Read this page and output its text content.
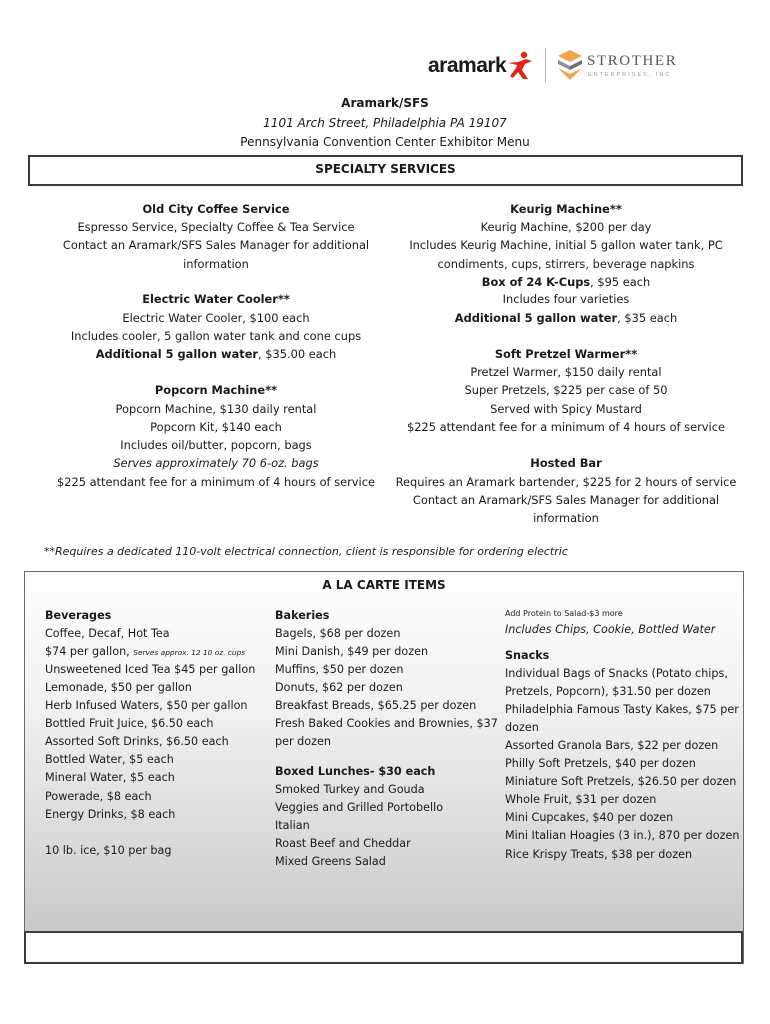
aramark	STROTHER
ENTERPRISES, INC
Aramark/SFS
1101 Arch Street, Philadelphia PA 19107
Pennsylvania Convention Center Exhibitor Menu
SPECIALTY SERVICES
Old City Coffee Service
Espresso Service, Specialty Coffee & Tea Service
Contact an Aramark/SFS Sales Manager for additional
information
Electric Water Cooler**
Electric Water Cooler, $100 each
Includes cooler, 5 gallon water tank and cone cups
Additional 5 gallon water, $35.00 each
Popcorn Machine**
Popcorn Machine, $130 daily rental
Popcorn Kit, $140 each
Includes oil/butter, popcorn, bags
Serves approximately 70 6-oz. bags
$225 attendant fee for a minimum of 4 hours of service
Keurig Machine**
Keurig Machine, $200 per day
Includes Keurig Machine, initial 5 gallon water tank, PC
condiments, cups, stirrers, beverage napkins
Box of 24 K-Cups, $95 each
Includes four varieties
Additional 5 gallon water, $35 each
Soft Pretzel Warmer**
Pretzel Warmer, $150 daily rental
Super Pretzels, $225 per case of 50
Served with Spicy Mustard
$225 attendant fee for a minimum of 4 hours of service
Hosted Bar
Requires an Aramark bartender, $225 for 2 hours of service
Contact an Aramark/SFS Sales Manager for additional
information
**Requires a dedicated 110-volt electrical connection, client is responsible for ordering electric
A LA CARTE ITEMS
Beverages
Coffee, Decaf, Hot Tea
$74 per gallon, Serves approx. 12 10 oz. cups
Unsweetened Iced Tea $45 per gallon
Lemonade, $50 per gallon
Herb Infused Waters, $50 per gallon
Bottled Fruit Juice, $6.50 each
Assorted Soft Drinks, $6.50 each
Bottled Water, $5 each
Mineral Water, $5 each
Powerade, $8 each
Energy Drinks, $8 each
10 lb. ice, $10 per bag
Bakeries
Bagels, $68 per dozen
Mini Danish, $49 per dozen
Muffins, $50 per dozen
Donuts, $62 per dozen
Breakfast Breads, $65.25 per dozen
Fresh Baked Cookies and Brownies, $37
per dozen
Boxed Lunches- $30 each
Smoked Turkey and Gouda
Veggies and Grilled Portobello
Italian
Roast Beef and Cheddar
Mixed Greens Salad
Add Protein to Salad-$3 more
Includes Chips, Cookie, Bottled Water
Snacks
Individual Bags of Snacks (Potato chips,
Pretzels, Popcorn), $31.50 per dozen
Philadelphia Famous Tasty Kakes, $75 per
dozen
Assorted Granola Bars, $22 per dozen
Philly Soft Pretzels, $40 per dozen
Miniature Soft Pretzels, $26.50 per dozen
Whole Fruit, $31 per dozen
Mini Cupcakes, $40 per dozen
Mini Italian Hoagies (3 in.), 870 per dozen
Rice Krispy Treats, $38 per dozen
